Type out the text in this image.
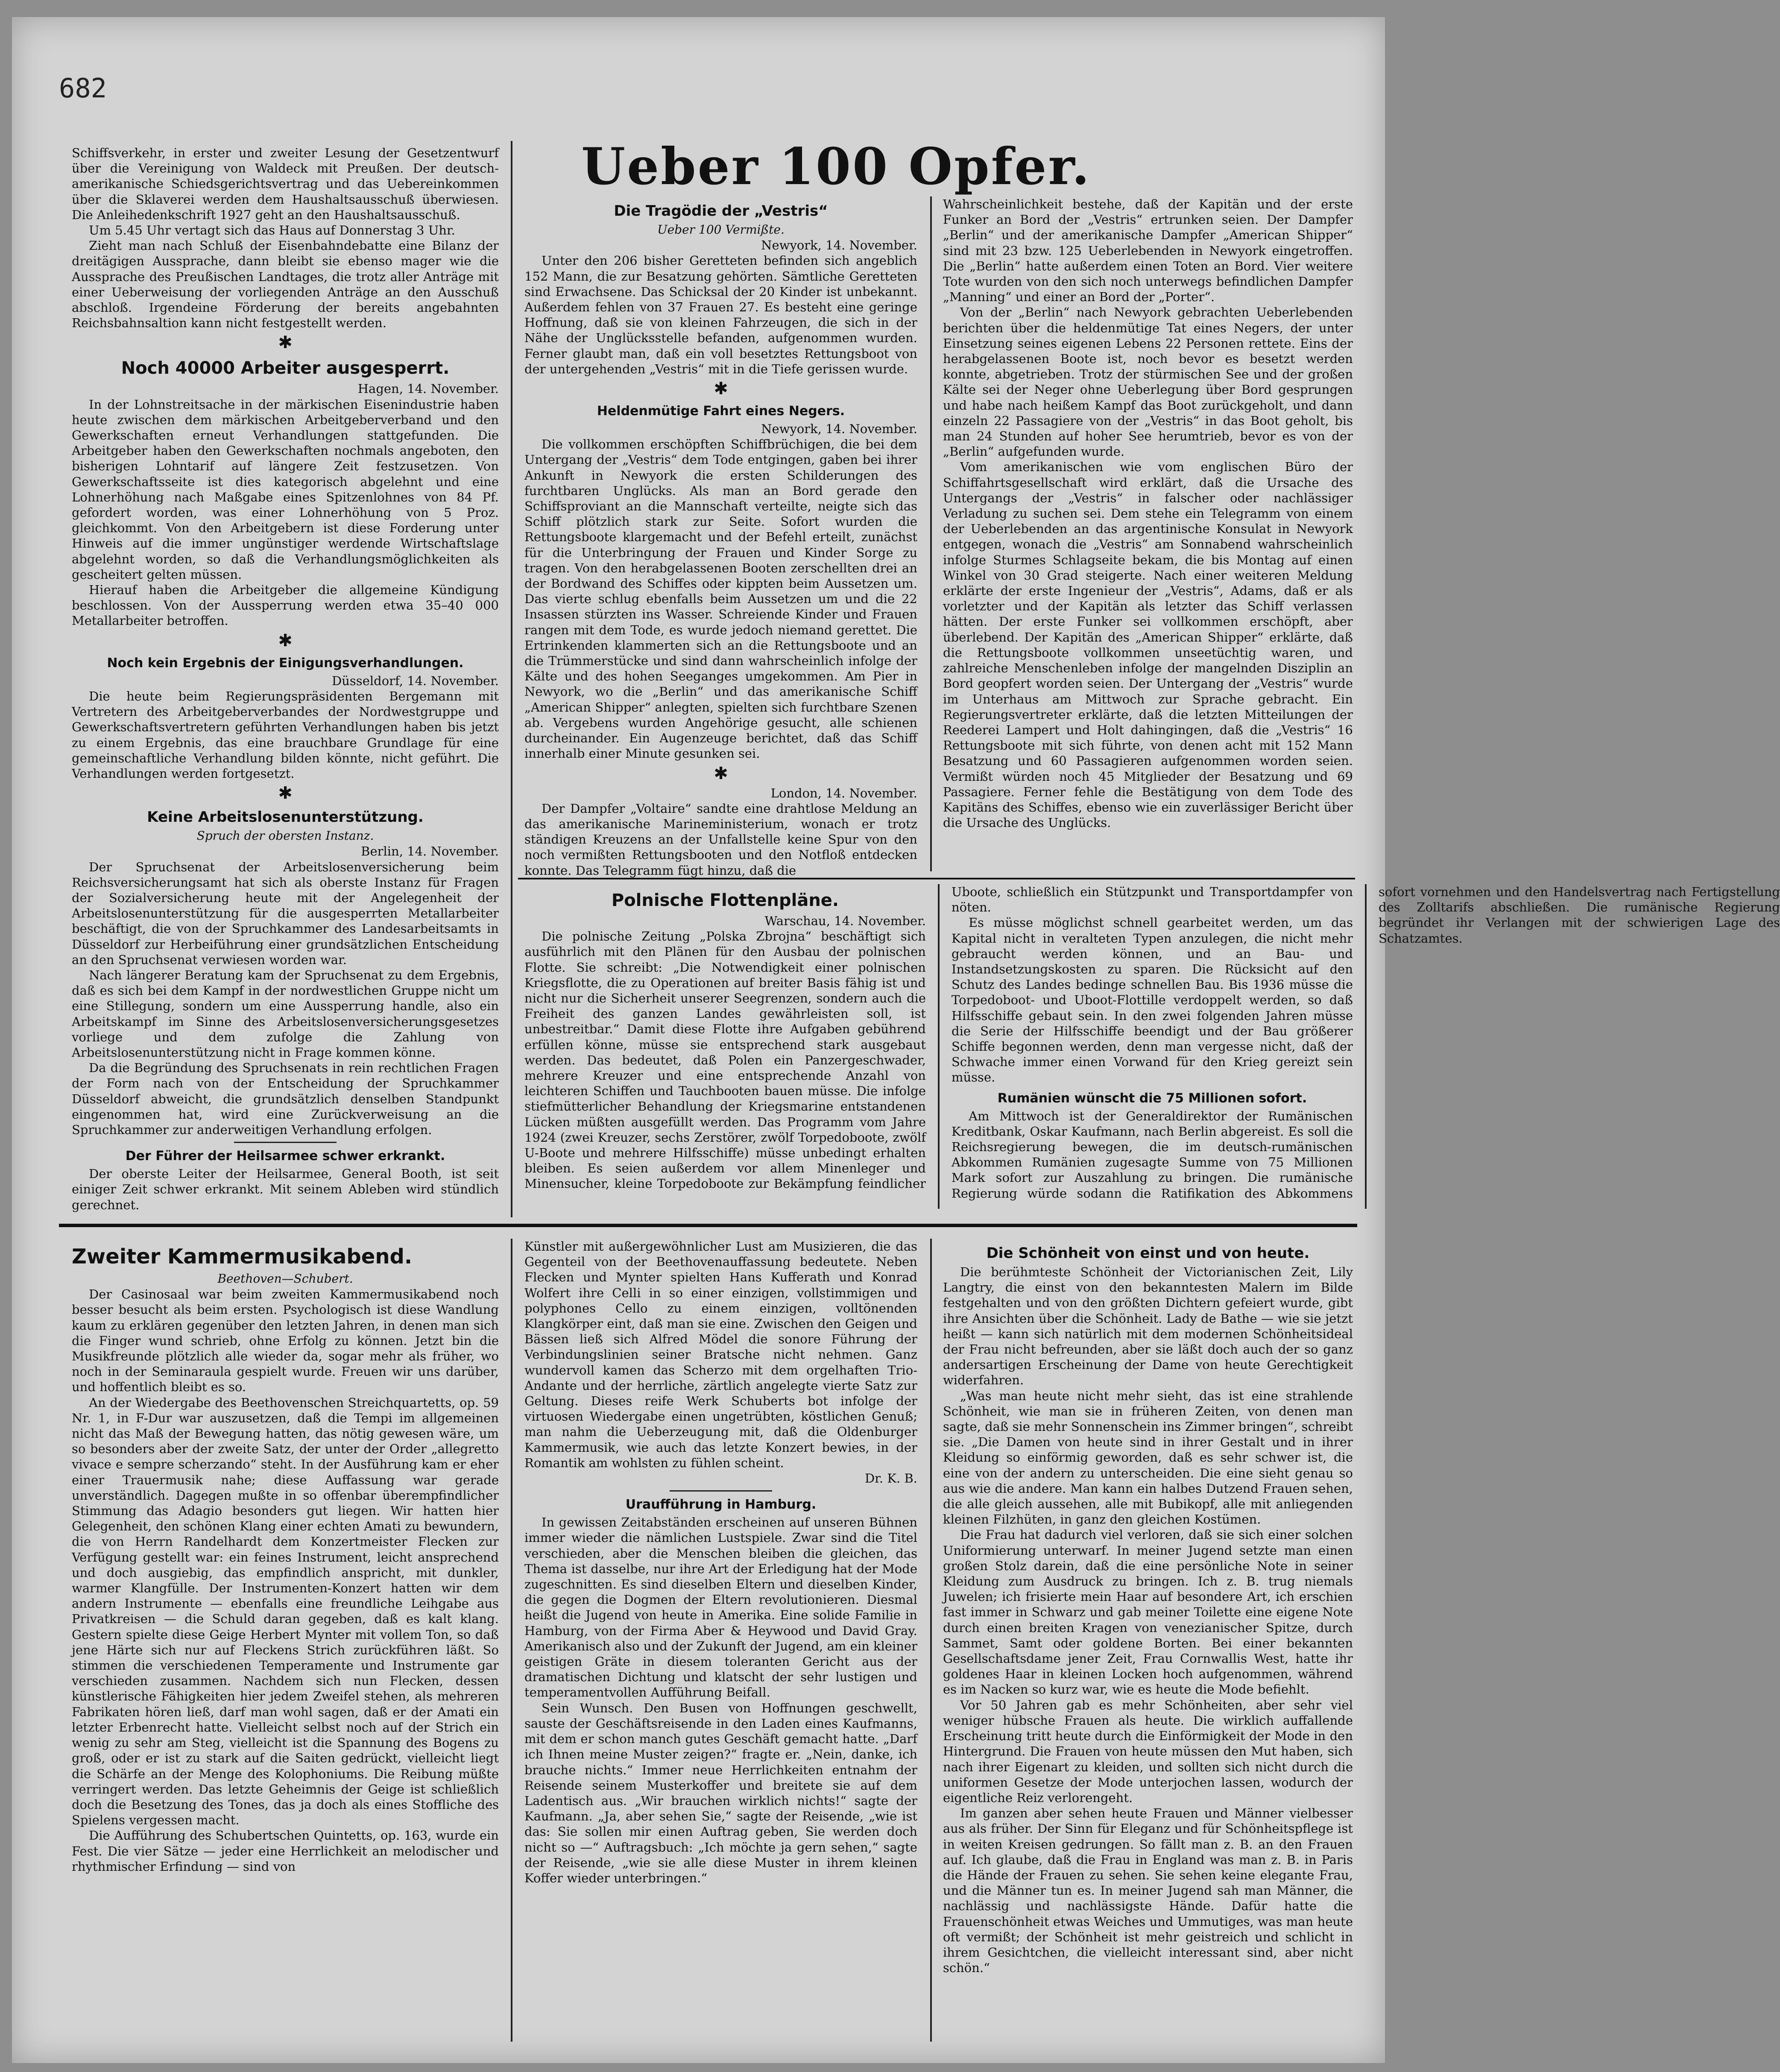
682

Schiffsverkehr, in erster und zweiter Lesung der Gesetzentwurf über die Vereinigung von Waldeck mit Preußen. Der deutsch-amerikanische Schiedsgerichtsvertrag und das Uebereinkommen über die Sklaverei werden dem Haushaltsausschuß überwiesen. Die Anleihedenkschrift 1927 geht an den Haushaltsausschuß.

Um 5.45 Uhr vertagt sich das Haus auf Donnerstag 3 Uhr.

Zieht man nach Schluß der Eisenbahndebatte eine Bilanz der dreitägigen Aussprache, dann bleibt sie ebenso mager wie die Aussprache des Preußischen Landtages, die trotz aller Anträge mit einer Ueberweisung der vorliegenden Anträge an den Ausschuß abschloß. Irgendeine Förderung der bereits angebahnten Reichsbahnsaltion kann nicht festgestellt werden.

✱
Noch 40000 Arbeiter ausgesperrt.

Hagen, 14. November.

In der Lohnstreitsache in der märkischen Eisenindustrie haben heute zwischen dem märkischen Arbeitgeberverband und den Gewerkschaften erneut Verhandlungen stattgefunden. Die Arbeitgeber haben den Gewerkschaften nochmals angeboten, den bisherigen Lohntarif auf längere Zeit festzusetzen. Von Gewerkschaftsseite ist dies kategorisch abgelehnt und eine Lohnerhöhung nach Maßgabe eines Spitzenlohnes von 84 Pf. gefordert worden, was einer Lohnerhöhung von 5 Proz. gleichkommt. Von den Arbeitgebern ist diese Forderung unter Hinweis auf die immer ungünstiger werdende Wirtschaftslage abgelehnt worden, so daß die Verhandlungsmöglichkeiten als gescheitert gelten müssen.

Hierauf haben die Arbeitgeber die allgemeine Kündigung beschlossen. Von der Aussperrung werden etwa 35–40 000 Metallarbeiter betroffen.

✱
Noch kein Ergebnis der Einigungsverhandlungen.

Düsseldorf, 14. November.

Die heute beim Regierungspräsidenten Bergemann mit Vertretern des Arbeitgeberverbandes der Nordwestgruppe und Gewerkschaftsvertretern geführten Verhandlungen haben bis jetzt zu einem Ergebnis, das eine brauchbare Grundlage für eine gemeinschaftliche Verhandlung bilden könnte, nicht geführt. Die Verhandlungen werden fortgesetzt.

✱
Keine Arbeitslosenunterstützung.

Spruch der obersten Instanz.

Berlin, 14. November.

Der Spruchsenat der Arbeitslosenversicherung beim Reichsversicherungsamt hat sich als oberste Instanz für Fragen der Sozialversicherung heute mit der Angelegenheit der Arbeitslosenunterstützung für die ausgesperrten Metallarbeiter beschäftigt, die von der Spruchkammer des Landesarbeitsamts in Düsseldorf zur Herbeiführung einer grundsätzlichen Entscheidung an den Spruchsenat verwiesen worden war.

Nach längerer Beratung kam der Spruchsenat zu dem Ergebnis, daß es sich bei dem Kampf in der nordwestlichen Gruppe nicht um eine Stillegung, sondern um eine Aussperrung handle, also ein Arbeitskampf im Sinne des Arbeitslosenversicherungsgesetzes vorliege und dem zufolge die Zahlung von Arbeitslosenunterstützung nicht in Frage kommen könne.

Da die Begründung des Spruchsenats in rein rechtlichen Fragen der Form nach von der Entscheidung der Spruchkammer Düsseldorf abweicht, die grundsätzlich denselben Standpunkt eingenommen hat, wird eine Zurückverweisung an die Spruchkammer zur anderweitigen Verhandlung erfolgen.

Der Führer der Heilsarmee schwer erkrankt.

Der oberste Leiter der Heilsarmee, General Booth, ist seit einiger Zeit schwer erkrankt. Mit seinem Ableben wird stündlich gerechnet.

Ueber 100 Opfer.
Die Tragödie der „Vestris“

Ueber 100 Vermißte.

Newyork, 14. November.

Unter den 206 bisher Geretteten befinden sich angeblich 152 Mann, die zur Besatzung gehörten. Sämtliche Geretteten sind Erwachsene. Das Schicksal der 20 Kinder ist unbekannt. Außerdem fehlen von 37 Frauen 27. Es besteht eine geringe Hoffnung, daß sie von kleinen Fahrzeugen, die sich in der Nähe der Unglücksstelle befanden, aufgenommen wurden. Ferner glaubt man, daß ein voll besetztes Rettungsboot von der untergehenden „Vestris“ mit in die Tiefe gerissen wurde.

✱
Heldenmütige Fahrt eines Negers.

Newyork, 14. November.

Die vollkommen erschöpften Schiffbrüchigen, die bei dem Untergang der „Vestris“ dem Tode entgingen, gaben bei ihrer Ankunft in Newyork die ersten Schilderungen des furchtbaren Unglücks. Als man an Bord gerade den Schiffsproviant an die Mannschaft verteilte, neigte sich das Schiff plötzlich stark zur Seite. Sofort wurden die Rettungsboote klargemacht und der Befehl erteilt, zunächst für die Unterbringung der Frauen und Kinder Sorge zu tragen. Von den herabgelassenen Booten zerschellten drei an der Bordwand des Schiffes oder kippten beim Aussetzen um. Das vierte schlug ebenfalls beim Aussetzen um und die 22 Insassen stürzten ins Wasser. Schreiende Kinder und Frauen rangen mit dem Tode, es wurde jedoch niemand gerettet. Die Ertrinkenden klammerten sich an die Rettungsboote und an die Trümmerstücke und sind dann wahrscheinlich infolge der Kälte und des hohen Seeganges umgekommen. Am Pier in Newyork, wo die „Berlin“ und das amerikanische Schiff „American Shipper“ anlegten, spielten sich furchtbare Szenen ab. Vergebens wurden Angehörige gesucht, alle schienen durcheinander. Ein Augenzeuge berichtet, daß das Schiff innerhalb einer Minute gesunken sei.

✱

London, 14. November.

Der Dampfer „Voltaire“ sandte eine drahtlose Meldung an das amerikanische Marineministerium, wonach er trotz ständigen Kreuzens an der Unfallstelle keine Spur von den noch vermißten Rettungsbooten und den Notfloß entdecken konnte. Das Telegramm fügt hinzu, daß die

Wahrscheinlichkeit bestehe, daß der Kapitän und der erste Funker an Bord der „Vestris“ ertrunken seien. Der Dampfer „Berlin“ und der amerikanische Dampfer „American Shipper“ sind mit 23 bzw. 125 Ueberlebenden in Newyork eingetroffen. Die „Berlin“ hatte außerdem einen Toten an Bord. Vier weitere Tote wurden von den sich noch unterwegs befindlichen Dampfer „Manning“ und einer an Bord der „Porter“.

Von der „Berlin“ nach Newyork gebrachten Ueberlebenden berichten über die heldenmütige Tat eines Negers, der unter Einsetzung seines eigenen Lebens 22 Personen rettete. Eins der herabgelassenen Boote ist, noch bevor es besetzt werden konnte, abgetrieben. Trotz der stürmischen See und der großen Kälte sei der Neger ohne Ueberlegung über Bord gesprungen und habe nach heißem Kampf das Boot zurückgeholt, und dann einzeln 22 Passagiere von der „Vestris“ in das Boot geholt, bis man 24 Stunden auf hoher See herumtrieb, bevor es von der „Berlin“ aufgefunden wurde.

Vom amerikanischen wie vom englischen Büro der Schiffahrtsgesellschaft wird erklärt, daß die Ursache des Untergangs der „Vestris“ in falscher oder nachlässiger Verladung zu suchen sei. Dem stehe ein Telegramm von einem der Ueberlebenden an das argentinische Konsulat in Newyork entgegen, wonach die „Vestris“ am Sonnabend wahrscheinlich infolge Sturmes Schlagseite bekam, die bis Montag auf einen Winkel von 30 Grad steigerte. Nach einer weiteren Meldung erklärte der erste Ingenieur der „Vestris“, Adams, daß er als vorletzter und der Kapitän als letzter das Schiff verlassen hätten. Der erste Funker sei vollkommen erschöpft, aber überlebend. Der Kapitän des „American Shipper“ erklärte, daß die Rettungsboote vollkommen unseetüchtig waren, und zahlreiche Menschenleben infolge der mangelnden Disziplin an Bord geopfert worden seien. Der Untergang der „Vestris“ wurde im Unterhaus am Mittwoch zur Sprache gebracht. Ein Regierungsvertreter erklärte, daß die letzten Mitteilungen der Reederei Lampert und Holt dahingingen, daß die „Vestris“ 16 Rettungsboote mit sich führte, von denen acht mit 152 Mann Besatzung und 60 Passagieren aufgenommen worden seien. Vermißt würden noch 45 Mitglieder der Besatzung und 69 Passagiere. Ferner fehle die Bestätigung von dem Tode des Kapitäns des Schiffes, ebenso wie ein zuverlässiger Bericht über die Ursache des Unglücks.

Polnische Flottenpläne.

Warschau, 14. November.

Die polnische Zeitung „Polska Zbrojna“ beschäftigt sich ausführlich mit den Plänen für den Ausbau der polnischen Flotte. Sie schreibt: „Die Notwendigkeit einer polnischen Kriegsflotte, die zu Operationen auf breiter Basis fähig ist und nicht nur die Sicherheit unserer Seegrenzen, sondern auch die Freiheit des ganzen Landes gewährleisten soll, ist unbestreitbar.“ Damit diese Flotte ihre Aufgaben gebührend erfüllen könne, müsse sie entsprechend stark ausgebaut werden. Das bedeutet, daß Polen ein Panzergeschwader, mehrere Kreuzer und eine entsprechende Anzahl von leichteren Schiffen und Tauchbooten bauen müsse. Die infolge stiefmütterlicher Behandlung der Kriegsmarine entstandenen Lücken müßten ausgefüllt werden. Das Programm vom Jahre 1924 (zwei Kreuzer, sechs Zerstörer, zwölf Torpedoboote, zwölf U-Boote und mehrere Hilfsschiffe) müsse unbedingt erhalten bleiben. Es seien außerdem vor allem Minenleger und Minensucher, kleine Torpedoboote zur Bekämpfung feindlicher Uboote, schließlich ein Stützpunkt und Transportdampfer von nöten.

Es müsse möglichst schnell gearbeitet werden, um das Kapital nicht in veralteten Typen anzulegen, die nicht mehr gebraucht werden können, und an Bau- und Instandsetzungskosten zu sparen. Die Rücksicht auf den Schutz des Landes bedinge schnellen Bau. Bis 1936 müsse die Torpedoboot- und Uboot-Flottille verdoppelt werden, so daß Hilfsschiffe gebaut sein. In den zwei folgenden Jahren müsse die Serie der Hilfsschiffe beendigt und der Bau größerer Schiffe begonnen werden, denn man vergesse nicht, daß der Schwache immer einen Vorwand für den Krieg gereizt sein müsse.

Rumänien wünscht die 75 Millionen sofort.

Am Mittwoch ist der Generaldirektor der Rumänischen Kreditbank, Oskar Kaufmann, nach Berlin abgereist. Es soll die Reichsregierung bewegen, die im deutsch-rumänischen Abkommen Rumänien zugesagte Summe von 75 Millionen Mark sofort zur Auszahlung zu bringen. Die rumänische Regierung würde sodann die Ratifikation des Abkommens sofort vornehmen und den Handelsvertrag nach Fertigstellung des Zolltarifs abschließen. Die rumänische Regierung begründet ihr Verlangen mit der schwierigen Lage des Schatzamtes.

Zweiter Kammermusikabend.

Beethoven—Schubert.

Der Casinosaal war beim zweiten Kammermusikabend noch besser besucht als beim ersten. Psychologisch ist diese Wandlung kaum zu erklären gegenüber den letzten Jahren, in denen man sich die Finger wund schrieb, ohne Erfolg zu können. Jetzt bin die Musikfreunde plötzlich alle wieder da, sogar mehr als früher, wo noch in der Seminaraula gespielt wurde. Freuen wir uns darüber, und hoffentlich bleibt es so.

An der Wiedergabe des Beethovenschen Streichquartetts, op. 59 Nr. 1, in F-Dur war auszusetzen, daß die Tempi im allgemeinen nicht das Maß der Bewegung hatten, das nötig gewesen wäre, um so besonders aber der zweite Satz, der unter der Order „allegretto vivace e sempre scherzando“ steht. In der Ausführung kam er eher einer Trauermusik nahe; diese Auffassung war gerade unverständlich. Dagegen mußte in so offenbar überempfindlicher Stimmung das Adagio besonders gut liegen. Wir hatten hier Gelegenheit, den schönen Klang einer echten Amati zu bewundern, die von Herrn Randelhardt dem Konzertmeister Flecken zur Verfügung gestellt war: ein feines Instrument, leicht ansprechend und doch ausgiebig, das empfindlich anspricht, mit dunkler, warmer Klangfülle. Der Instrumenten-Konzert hatten wir dem andern Instrumente — ebenfalls eine freundliche Leihgabe aus Privatkreisen — die Schuld daran gegeben, daß es kalt klang. Gestern spielte diese Geige Herbert Mynter mit vollem Ton, so daß jene Härte sich nur auf Fleckens Strich zurückführen läßt. So stimmen die verschiedenen Temperamente und Instrumente gar verschieden zusammen. Nachdem sich nun Flecken, dessen künstlerische Fähigkeiten hier jedem Zweifel stehen, als mehreren Fabrikaten hören ließ, darf man wohl sagen, daß er der Amati ein letzter Erbenrecht hatte. Vielleicht selbst noch auf der Strich ein wenig zu sehr am Steg, vielleicht ist die Spannung des Bogens zu groß, oder er ist zu stark auf die Saiten gedrückt, vielleicht liegt die Schärfe an der Menge des Kolophoniums. Die Reibung müßte verringert werden. Das letzte Geheimnis der Geige ist schließlich doch die Besetzung des Tones, das ja doch als eines Stoffliche des Spielens vergessen macht.

Die Aufführung des Schubertschen Quintetts, op. 163, wurde ein Fest. Die vier Sätze — jeder eine Herrlichkeit an melodischer und rhythmischer Erfindung — sind von

Künstler mit außergewöhnlicher Lust am Musizieren, die das Gegenteil von der Beethovenauffassung bedeutete. Neben Flecken und Mynter spielten Hans Kufferath und Konrad Wolfert ihre Celli in so einer einzigen, vollstimmigen und polyphones Cello zu einem einzigen, volltönenden Klangkörper eint, daß man sie eine. Zwischen den Geigen und Bässen ließ sich Alfred Mödel die sonore Führung der Verbindungslinien seiner Bratsche nicht nehmen. Ganz wundervoll kamen das Scherzo mit dem orgelhaften Trio-Andante und der herrliche, zärtlich angelegte vierte Satz zur Geltung. Dieses reife Werk Schuberts bot infolge der virtuosen Wiedergabe einen ungetrübten, köstlichen Genuß; man nahm die Ueberzeugung mit, daß die Oldenburger Kammermusik, wie auch das letzte Konzert bewies, in der Romantik am wohlsten zu fühlen scheint.

Dr. K. B.

Uraufführung in Hamburg.

In gewissen Zeitabständen erscheinen auf unseren Bühnen immer wieder die nämlichen Lustspiele. Zwar sind die Titel verschieden, aber die Menschen bleiben die gleichen, das Thema ist dasselbe, nur ihre Art der Erledigung hat der Mode zugeschnitten. Es sind dieselben Eltern und dieselben Kinder, die gegen die Dogmen der Eltern revolutionieren. Diesmal heißt die Jugend von heute in Amerika. Eine solide Familie in Hamburg, von der Firma Aber & Heywood und David Gray. Amerikanisch also und der Zukunft der Jugend, am ein kleiner geistigen Gräte in diesem toleranten Gericht aus der dramatischen Dichtung und klatscht der sehr lustigen und temperamentvollen Aufführung Beifall.

Sein Wunsch. Den Busen von Hoffnungen geschwellt, sauste der Geschäftsreisende in den Laden eines Kaufmanns, mit dem er schon manch gutes Geschäft gemacht hatte. „Darf ich Ihnen meine Muster zeigen?“ fragte er. „Nein, danke, ich brauche nichts.“ Immer neue Herrlichkeiten entnahm der Reisende seinem Musterkoffer und breitete sie auf dem Ladentisch aus. „Wir brauchen wirklich nichts!“ sagte der Kaufmann. „Ja, aber sehen Sie,“ sagte der Reisende, „wie ist das: Sie sollen mir einen Auftrag geben, Sie werden doch nicht so —“ Auftragsbuch: „Ich möchte ja gern sehen,“ sagte der Reisende, „wie sie alle diese Muster in ihrem kleinen Koffer wieder unterbringen.“

Die Schönheit von einst und von heute.

Die berühmteste Schönheit der Victorianischen Zeit, Lily Langtry, die einst von den bekanntesten Malern im Bilde festgehalten und von den größten Dichtern gefeiert wurde, gibt ihre Ansichten über die Schönheit. Lady de Bathe — wie sie jetzt heißt — kann sich natürlich mit dem modernen Schönheitsideal der Frau nicht befreunden, aber sie läßt doch auch der so ganz andersartigen Erscheinung der Dame von heute Gerechtigkeit widerfahren.

„Was man heute nicht mehr sieht, das ist eine strahlende Schönheit, wie man sie in früheren Zeiten, von denen man sagte, daß sie mehr Sonnenschein ins Zimmer bringen“, schreibt sie. „Die Damen von heute sind in ihrer Gestalt und in ihrer Kleidung so einförmig geworden, daß es sehr schwer ist, die eine von der andern zu unterscheiden. Die eine sieht genau so aus wie die andere. Man kann ein halbes Dutzend Frauen sehen, die alle gleich aussehen, alle mit Bubikopf, alle mit anliegenden kleinen Filzhüten, in ganz den gleichen Kostümen.

Die Frau hat dadurch viel verloren, daß sie sich einer solchen Uniformierung unterwarf. In meiner Jugend setzte man einen großen Stolz darein, daß die eine persönliche Note in seiner Kleidung zum Ausdruck zu bringen. Ich z. B. trug niemals Juwelen; ich frisierte mein Haar auf besondere Art, ich erschien fast immer in Schwarz und gab meiner Toilette eine eigene Note durch einen breiten Kragen von venezianischer Spitze, durch Sammet, Samt oder goldene Borten. Bei einer bekannten Gesellschaftsdame jener Zeit, Frau Cornwallis West, hatte ihr goldenes Haar in kleinen Locken hoch aufgenommen, während es im Nacken so kurz war, wie es heute die Mode befiehlt.

Vor 50 Jahren gab es mehr Schönheiten, aber sehr viel weniger hübsche Frauen als heute. Die wirklich auffallende Erscheinung tritt heute durch die Einförmigkeit der Mode in den Hintergrund. Die Frauen von heute müssen den Mut haben, sich nach ihrer Eigenart zu kleiden, und sollten sich nicht durch die uniformen Gesetze der Mode unterjochen lassen, wodurch der eigentliche Reiz verlorengeht.

Im ganzen aber sehen heute Frauen und Männer vielbesser aus als früher. Der Sinn für Eleganz und für Schönheitspflege ist in weiten Kreisen gedrungen. So fällt man z. B. an den Frauen auf. Ich glaube, daß die Frau in England was man z. B. in Paris die Hände der Frauen zu sehen. Sie sehen keine elegante Frau, und die Männer tun es. In meiner Jugend sah man Männer, die nachlässig und nachlässigste Hände. Dafür hatte die Frauenschönheit etwas Weiches und Ummutiges, was man heute oft vermißt; der Schönheit ist mehr geistreich und schlicht in ihrem Gesichtchen, die vielleicht interessant sind, aber nicht schön.“
